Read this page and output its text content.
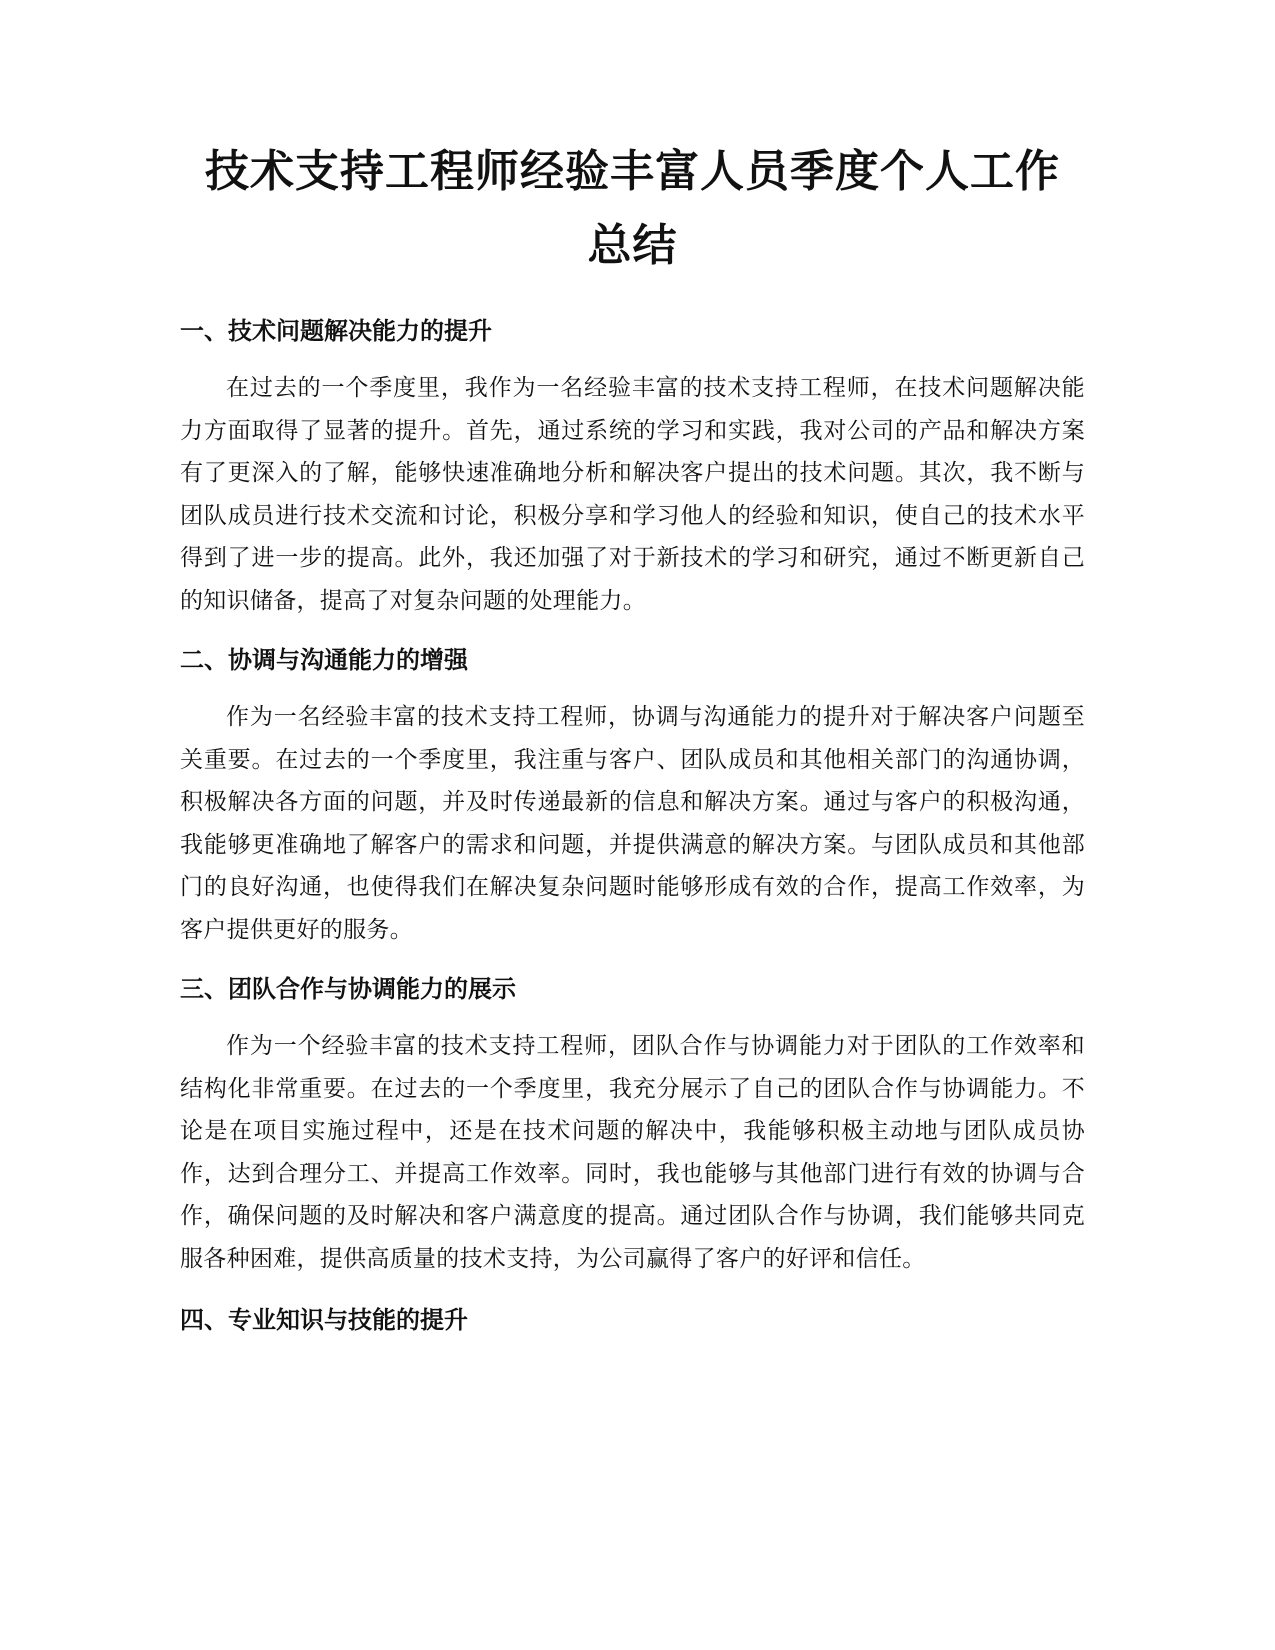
技术支持工程师经验丰富人员季度个人工作
总结
一、技术问题解决能力的提升

在过去的一个季度里，我作为一名经验丰富的技术支持工程师，在技术问题解决能力方面取得了显著的提升。首先，通过系统的学习和实践，我对公司的产品和解决方案有了更深入的了解，能够快速准确地分析和解决客户提出的技术问题。其次，我不断与团队成员进行技术交流和讨论，积极分享和学习他人的经验和知识，使自己的技术水平得到了进一步的提高。此外，我还加强了对于新技术的学习和研究，通过不断更新自己的知识储备，提高了对复杂问题的处理能力。

二、协调与沟通能力的增强

作为一名经验丰富的技术支持工程师，协调与沟通能力的提升对于解决客户问题至关重要。在过去的一个季度里，我注重与客户、团队成员和其他相关部门的沟通协调，积极解决各方面的问题，并及时传递最新的信息和解决方案。通过与客户的积极沟通，我能够更准确地了解客户的需求和问题，并提供满意的解决方案。与团队成员和其他部门的良好沟通，也使得我们在解决复杂问题时能够形成有效的合作，提高工作效率，为客户提供更好的服务。

三、团队合作与协调能力的展示

作为一个经验丰富的技术支持工程师，团队合作与协调能力对于团队的工作效率和结构化非常重要。在过去的一个季度里，我充分展示了自己的团队合作与协调能力。不论是在项目实施过程中，还是在技术问题的解决中，我能够积极主动地与团队成员协作，达到合理分工、并提高工作效率。同时，我也能够与其他部门进行有效的协调与合作，确保问题的及时解决和客户满意度的提高。通过团队合作与协调，我们能够共同克服各种困难，提供高质量的技术支持，为公司赢得了客户的好评和信任。

四、专业知识与技能的提升
